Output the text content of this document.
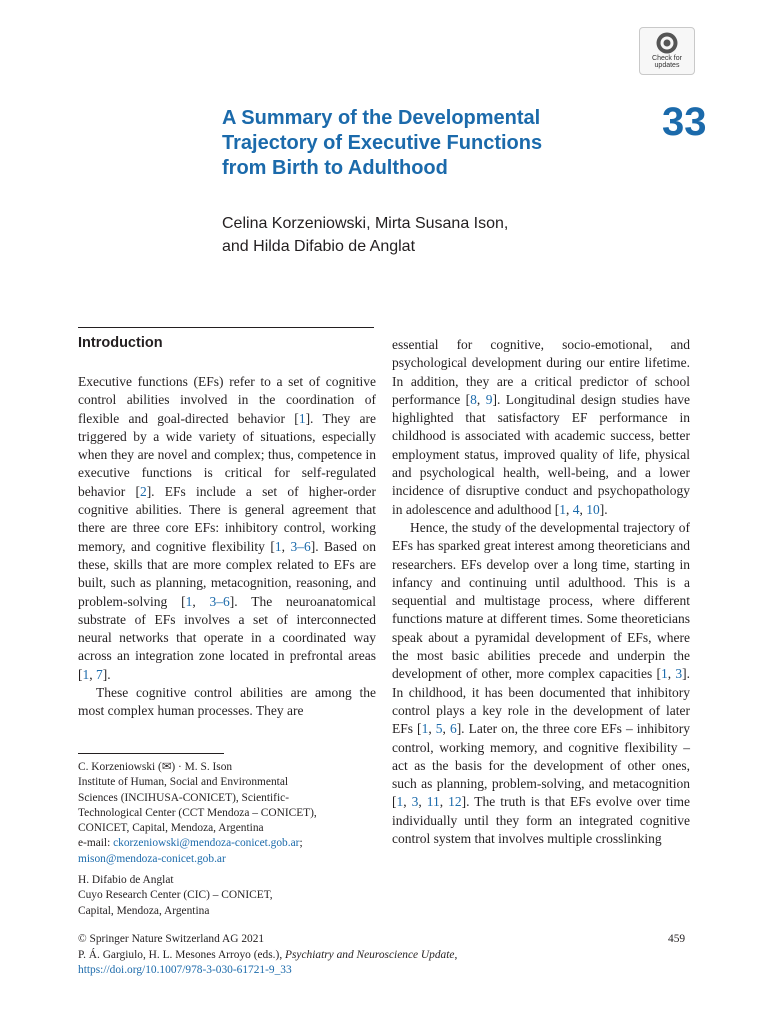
Check for
updates
A Summary of the Developmental
Trajectory of Executive Functions
from Birth to Adulthood
33
Celina Korzeniowski, Mirta Susana Ison,
and Hilda Difabio de Anglat
Introduction

Executive functions (EFs) refer to a set of cognitive control abilities involved in the coordination of flexible and goal-directed behavior [1]. They are triggered by a wide variety of situations, especially when they are novel and complex; thus, competence in executive functions is critical for self-regulated behavior [2]. EFs include a set of higher-order cognitive abilities. There is general agreement that there are three core EFs: inhibitory control, working memory, and cognitive flexibility [1, 3–6]. Based on these, skills that are more complex related to EFs are built, such as planning, metacognition, reasoning, and problem-solving [1, 3–6]. The neuroanatomical substrate of EFs involves a set of interconnected neural networks that operate in a coordinated way across an integration zone located in prefrontal areas [1, 7].

These cognitive control abilities are among the most complex human processes. They are

essential for cognitive, socio-emotional, and psychological development during our entire lifetime. In addition, they are a critical predictor of school performance [8, 9]. Longitudinal design studies have highlighted that satisfactory EF performance in childhood is associated with academic success, better employment status, improved quality of life, physical and psychological health, well-being, and a lower incidence of disruptive conduct and psychopathology in adolescence and adulthood [1, 4, 10].

Hence, the study of the developmental trajectory of EFs has sparked great interest among theoreticians and researchers. EFs develop over a long time, starting in infancy and continuing until adulthood. This is a sequential and multistage process, where different functions mature at different times. Some theoreticians speak about a pyramidal development of EFs, where the most basic abilities precede and underpin the development of other, more complex capacities [1, 3]. In childhood, it has been documented that inhibitory control plays a key role in the development of later EFs [1, 5, 6]. Later on, the three core EFs – inhibitory control, working memory, and cognitive flexibility – act as the basis for the development of other ones, such as planning, problem-solving, and metacognition [1, 3, 11, 12]. The truth is that EFs evolve over time individually until they form an integrated cognitive control system that involves multiple crosslinking

C. Korzeniowski (✉) · M. S. Ison
Institute of Human, Social and Environmental
Sciences (INCIHUSA-CONICET), Scientific-
Technological Center (CCT Mendoza – CONICET),
CONICET, Capital, Mendoza, Argentina
e-mail: ckorzeniowski@mendoza-conicet.gob.ar;
mison@mendoza-conicet.gob.ar
H. Difabio de Anglat
Cuyo Research Center (CIC) – CONICET,
Capital, Mendoza, Argentina
© Springer Nature Switzerland AG 2021
P. Á. Gargiulo, H. L. Mesones Arroyo (eds.), Psychiatry and Neuroscience Update,
https://doi.org/10.1007/978-3-030-61721-9_33
459
